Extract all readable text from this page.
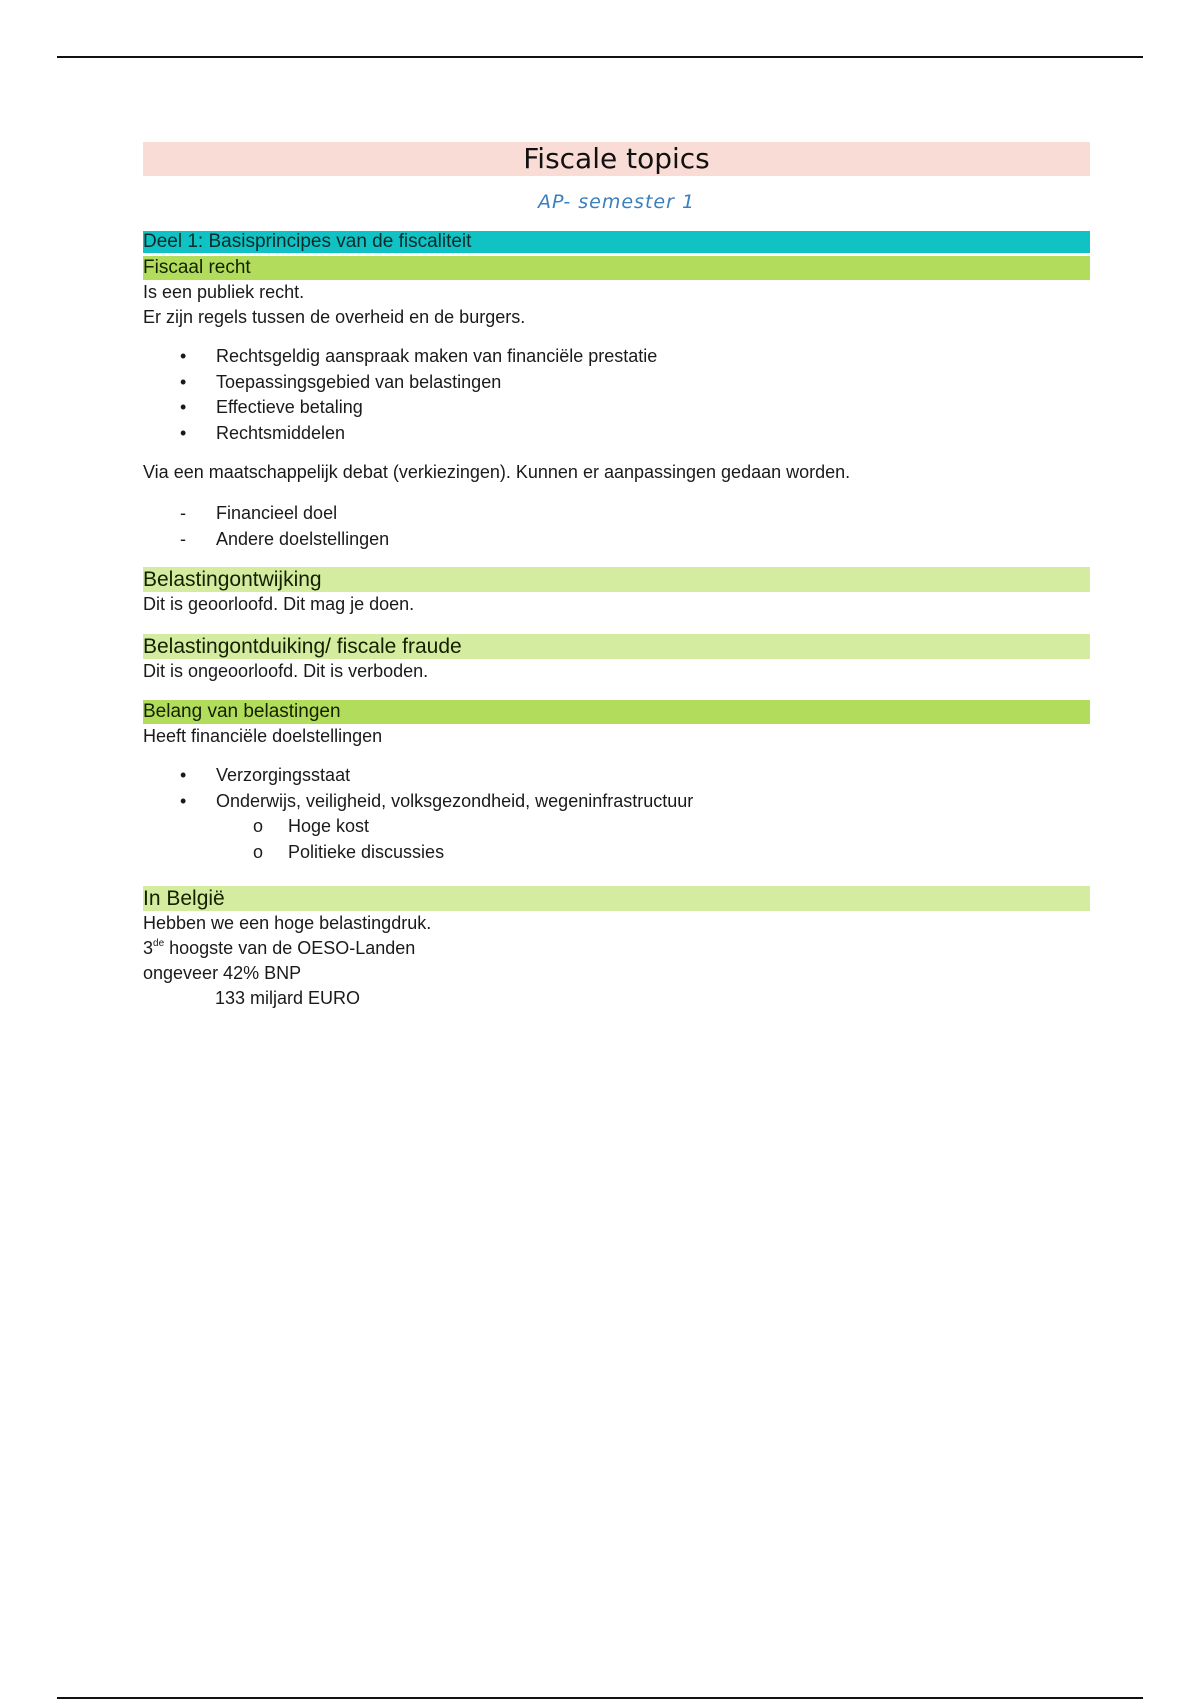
Fiscale topics
AP- semester 1
Deel 1: Basisprincipes van de fiscaliteit
Fiscaal recht

Is een publiek recht.

Er zijn regels tussen de overheid en de burgers.

• Rechtsgeldig aanspraak maken van financiële prestatie
• Toepassingsgebied van belastingen
• Effectieve betaling
• Rechtsmiddelen

Via een maatschappelijk debat (verkiezingen). Kunnen er aanpassingen gedaan worden.

- Financieel doel
- Andere doelstellingen
Belastingontwijking

Dit is geoorloofd. Dit mag je doen.

Belastingontduiking/ fiscale fraude

Dit is ongeoorloofd. Dit is verboden.

Belang van belastingen

Heeft financiële doelstellingen

• Verzorgingsstaat
• Onderwijs, veiligheid, volksgezondheid, wegeninfrastructuur
o Hoge kost
o Politieke discussies
In België

Hebben we een hoge belastingdruk.

3de hoogste van de OESO-Landen

ongeveer 42% BNP

133 miljard EURO
